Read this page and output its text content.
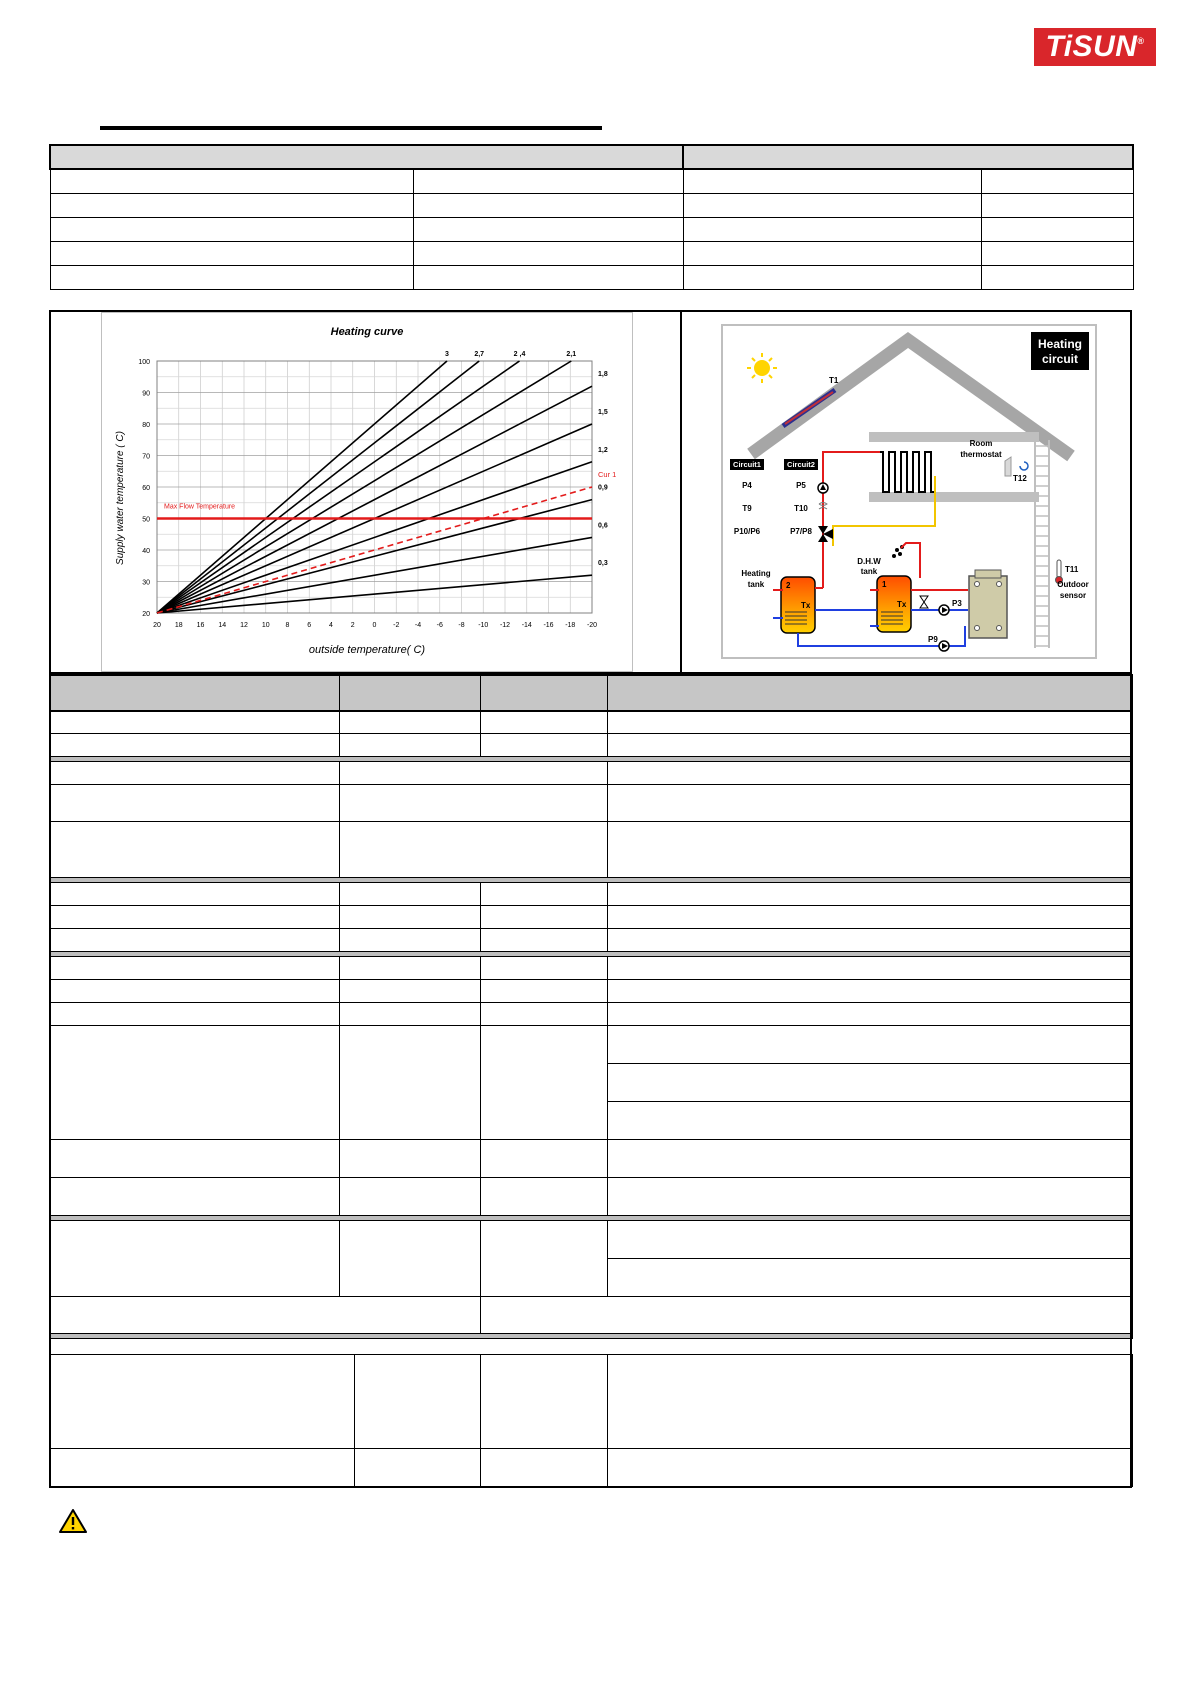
TiSUN®

20 18 16 14 12 10 8	6	4	2	0 -2 -4 -6 -8 -10 -12 -14 -16 -18 -20
20
30
40
50
60
70
80
90
100
3	2,7	2 ,4	2,1
1,8
1,5
1,2
0,9
0,6
0,3
Cur 1
Max Flow Temperature
Heating curve
outside temperature( C)
Supply water temperature ( C)
T1
Heating
circuit
Room
thermostat
T12
Circuit1	Circuit2
P4	P5
T9	T10
P10/P6	P7/P8
D.H.W
tank
Heating
tank	2
Tx
1
Tx	P3
P9
T11
Outdoor
sensor
